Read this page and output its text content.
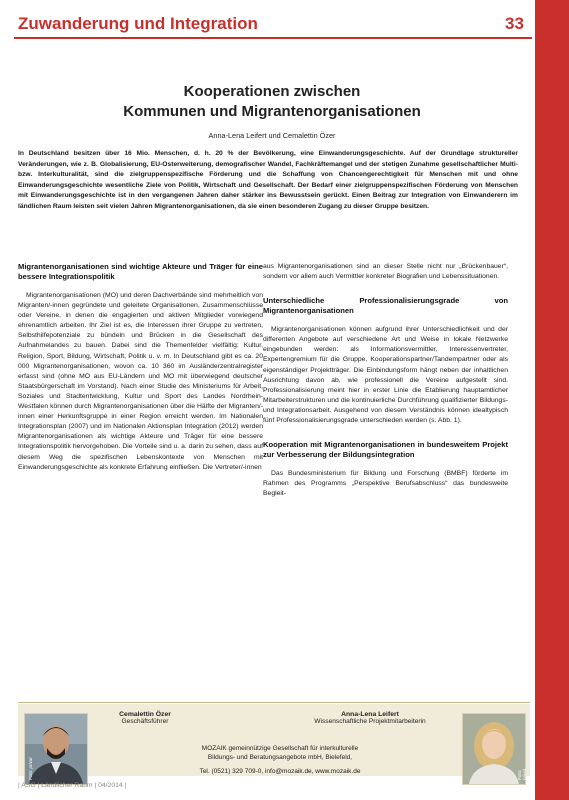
Zuwanderung und Integration	33
Kooperationen zwischen
Kommunen und Migrantenorganisationen
Anna-Lena Leifert und Cemalettin Özer

In Deutschland besitzen über 16 Mio. Menschen, d. h. 20 % der Bevölkerung, eine Einwanderungsgeschichte. Auf der Grundlage struktureller Veränderungen, wie z. B. Globalisierung, EU-Osterweiterung, demografischer Wandel, Fachkräftemangel und der stetigen Zunahme gesellschaftlicher Multi- bzw. Interkulturalität, sind die zielgruppenspezifische Förderung und die Schaffung von Chancengerechtigkeit für Menschen mit und ohne Einwanderungsgeschichte wesentliche Ziele von Politik, Wirtschaft und Gesellschaft. Der Bedarf einer zielgruppenspezifischen Förderung von Menschen mit Einwanderungsgeschichte ist in den vergangenen Jahren daher stärker ins Bewusstsein gerückt. Einen Beitrag zur Integration von Einwanderern im ländlichen Raum leisten seit vielen Jahren Migrantenorganisationen, da sie einen besonderen Zugang zu dieser Gruppe besitzen.

Migrantenorganisationen sind wichtige Akteure und Träger für eine bessere Integrationspolitik

Migrantenorganisationen (MO) und deren Dachverbände sind mehrheitlich von Migranten/-innen gegründete und geleitete Organisationen, Zusammenschlüsse oder Vereine, in denen die engagierten und aktiven Mitglieder vorwiegend ehrenamtlich arbeiten. Ihr Ziel ist es, die Interessen ihrer Gruppe zu vertreten, Selbsthilfepotenziale zu bündeln und Brücken in die Gesellschaft des Aufnahmelandes zu bauen. Dabei sind die Themenfelder vielfältig: Kultur, Religion, Sport, Bildung, Wirtschaft, Politik u. v. m. In Deutschland gibt es ca. 20 000 Migrantenorganisationen, wovon ca. 10 360 im Ausländerzentralregister erfasst sind (ohne MO aus EU-Ländern und MO mit überwiegend deutscher Staatsbürgerschaft im Vorstand). Nach einer Studie des Ministeriums für Arbeit, Soziales und Stadtentwicklung, Kultur und Sport des Landes Nordrhein-Westfalen können durch Migrantenorganisationen über die Hälfte der Migranten/-innen einer Herkunftsgruppe in einer Region erreicht werden. Im Nationalen Integrationsplan (2007) und im Nationalen Aktionsplan Integration (2012) werden Migrantenorganisationen als wichtige Akteure und Träger für eine bessere Integrationspolitik hervorgehoben. Die Vorteile sind u. a. darin zu sehen, dass auf diesem Weg die spezifischen Lebenskontexte von Menschen mit Einwanderungsgeschichte als konkrete Erfahrung einfließen. Die Vertreter/-innen

aus Migrantenorganisationen sind an dieser Stelle nicht nur „Brückenbauer“, sondern vor allem auch Vermittler konkreter Biografien und Lebenssituationen.

Unterschiedliche Professionalisierungsgrade von Migrantenorganisationen

Migrantenorganisationen können aufgrund ihrer Unterschiedlichkeit und der differenten Angebote auf verschiedene Art und Weise in lokale Netzwerke eingebunden werden: als Informationsvermittler, Interessenvertreter, Expertengremium für die Gruppe, Kooperationspartner/Tandempartner oder als eigenständiger Projektträger. Die Einbindungsform hängt neben der inhaltlichen Ausrichtung davon ab, wie professionell die Vereine aufgestellt sind. Professionalisierung meint hier in erster Linie die Etablierung hauptamtlicher Mitarbeiterstrukturen und die kontinuierliche Durchführung qualifizierter Bildungs- und Integrationsarbeit. Ausgehend von diesem Verständnis können idealtypisch fünf Professionalisierungsgrade unterschieden werden (s. Abb. 1).

Kooperation mit Migrantenorganisationen in bundesweitem Projekt zur Verbesserung der Bildungsintegration

Das Bundesministerium für Bildung und Forschung (BMBF) förderte im Rahmen des Programms „Perspektive Berufsabschluss“ das bundesweite Begleit-

Foto: privat	Foto: privat
Cemalettin Özer
Geschäftsführer
Anna-Lena Leifert
Wissenschaftliche Projektmitarbeiterin
MOZAIK gemeinnützige Gesellschaft für interkulturelle
Bildungs- und Beratungsangebote mbH, Bielefeld,
Tel. (0521) 329 709-0, info@mozaik.de, www.mozaik.de
| ASG | Ländlicher Raum | 04/2014 |
